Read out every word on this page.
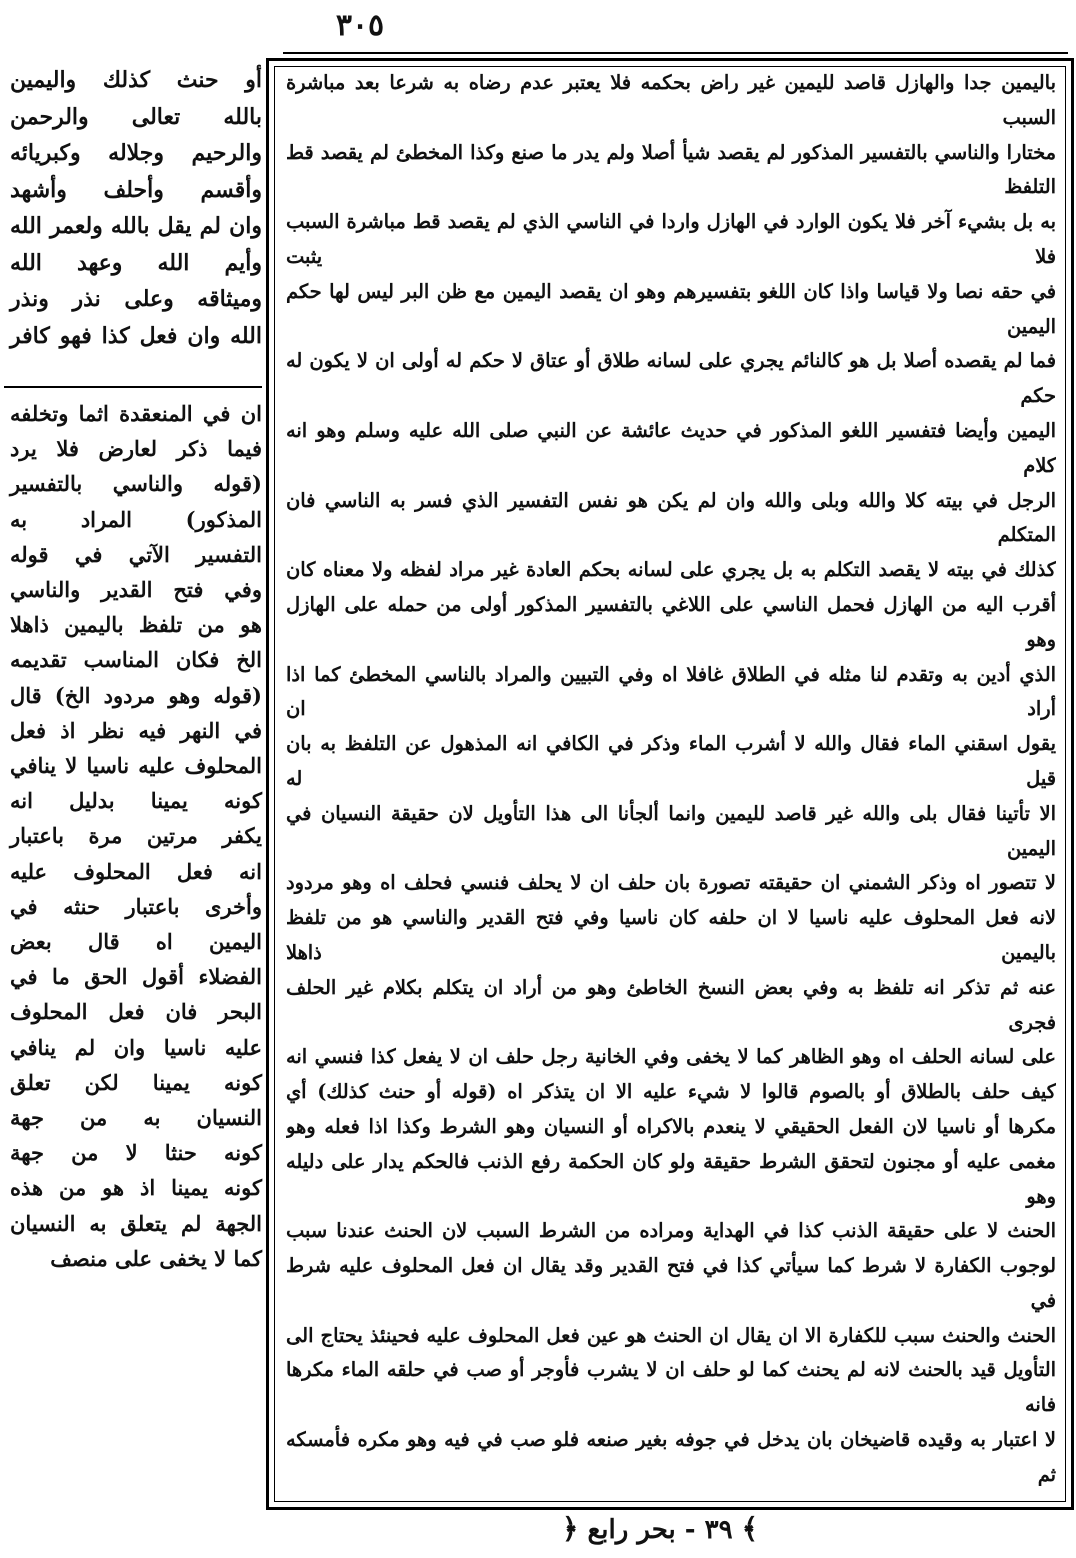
٣٠٥

باليمين جدا والهازل قاصد لليمين غير راض بحكمه فلا يعتبر عدم رضاه به شرعا بعد مباشرة السبب

مختارا والناسي بالتفسير المذكور لم يقصد شيأ أصلا ولم يدر ما صنع وكذا المخطئ لم يقصد قط التلفظ

به بل بشيء آخر فلا يكون الوارد في الهازل واردا في الناسي الذي لم يقصد قط مباشرة السبب فلا يثبت

في حقه نصا ولا قياسا واذا كان اللغو بتفسيرهم وهو ان يقصد اليمين مع ظن البر ليس لها حكم اليمين

فما لم يقصده أصلا بل هو كالنائم يجري على لسانه طلاق أو عتاق لا حكم له أولى ان لا يكون له حكم

اليمين وأيضا فتفسير اللغو المذكور في حديث عائشة عن النبي صلى الله عليه وسلم وهو انه كلام

الرجل في بيته كلا والله وبلى والله وان لم يكن هو نفس التفسير الذي فسر به الناسي فان المتكلم

كذلك في بيته لا يقصد التكلم به بل يجري على لسانه بحكم العادة غير مراد لفظه ولا معناه كان

أقرب اليه من الهازل فحمل الناسي على اللاغي بالتفسير المذكور أولى من حمله على الهازل وهو

الذي أدين به وتقدم لنا مثله في الطلاق غافلا اه وفي التبيين والمراد بالناسي المخطئ كما اذا أراد ان

يقول اسقني الماء فقال والله لا أشرب الماء وذكر في الكافي انه المذهول عن التلفظ به بان قيل له

الا تأتينا فقال بلى والله غير قاصد لليمين وانما ألجأنا الى هذا التأويل لان حقيقة النسيان في اليمين

لا تتصور اه وذكر الشمني ان حقيقته تصورة بان حلف ان لا يحلف فنسي فحلف اه وهو مردود

لانه فعل المحلوف عليه ناسيا لا ان حلفه كان ناسيا وفي فتح القدير والناسي هو من تلفظ باليمين ذاهلا

عنه ثم تذكر انه تلفظ به وفي بعض النسخ الخاطئ وهو من أراد ان يتكلم بكلام غير الحلف فجرى

على لسانه الحلف اه وهو الظاهر كما لا يخفى وفي الخانية رجل حلف ان لا يفعل كذا فنسي انه

كيف حلف بالطلاق أو بالصوم قالوا لا شيء عليه الا ان يتذكر اه (قوله أو حنث كذلك) أي

مكرها أو ناسيا لان الفعل الحقيقي لا ينعدم بالاكراه أو النسيان وهو الشرط وكذا اذا فعله وهو

مغمى عليه أو مجنون لتحقق الشرط حقيقة ولو كان الحكمة رفع الذنب فالحكم يدار على دليله وهو

الحنث لا على حقيقة الذنب كذا في الهداية ومراده من الشرط السبب لان الحنث عندنا سبب

لوجوب الكفارة لا شرط كما سيأتي كذا في فتح القدير وقد يقال ان فعل المحلوف عليه شرط في

الحنث والحنث سبب للكفارة الا ان يقال ان الحنث هو عين فعل المحلوف عليه فحينئذ يحتاج الى

التأويل قيد بالحنث لانه لم يحنث كما لو حلف ان لا يشرب فأوجر أو صب في حلقه الماء مكرها فانه

لا اعتبار به وقيده قاضيخان بان يدخل في جوفه بغير صنعه فلو صب في فيه وهو مكره فأمسكه ثم

أو حنث كذلك واليمين

بالله تعالى والرحمن

والرحيم وجلاله وكبريائه

وأقسم وأحلف وأشهد

وان لم يقل بالله ولعمر الله

وأيم الله وعهد الله

وميثاقه وعلى نذر ونذر

الله وان فعل كذا فهو كافر

ان في المنعقدة اثما وتخلفه

فيما ذكر لعارض فلا يرد

(قوله والناسي بالتفسير

المذكور) المراد به

التفسير الآتي في قوله

وفي فتح القدير والناسي

هو من تلفظ باليمين ذاهلا

الخ فكان المناسب تقديمه

(قوله وهو مردود الخ) قال

في النهر فيه نظر اذ فعل

المحلوف عليه ناسيا لا ينافي

كونه يمينا بدليل انه

يكفر مرتين مرة باعتبار

انه فعل المحلوف عليه

وأخرى باعتبار حنثه في

اليمين اه قال بعض

الفضلاء أقول الحق ما في

البحر فان فعل المحلوف

عليه ناسيا وان لم ينافي

كونه يمينا لكن تعلق

النسيان به من جهة

كونه حنثا لا من جهة

كونه يمينا اذ هو من هذه

الجهة لم يتعلق به النسيان

كما لا يخفى على منصف

﴾ ٣٩ - بحر رابع ﴿
